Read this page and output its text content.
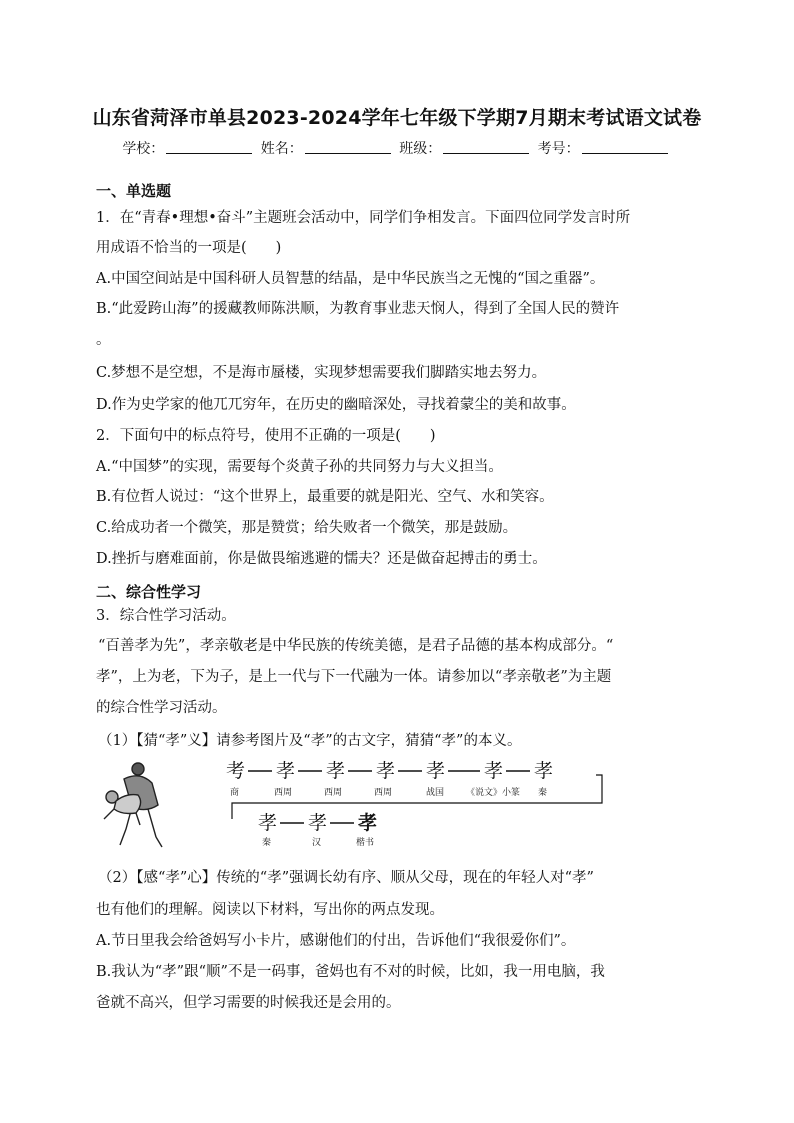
山东省菏泽市单县2023-2024学年七年级下学期7月期末考试语文试卷
学校：	姓名：	班级：	考号：
一、单选题
1．在“青春•理想•奋斗”主题班会活动中，同学们争相发言。下面四位同学发言时所
用成语不恰当的一项是(　　)
A.中国空间站是中国科研人员智慧的结晶，是中华民族当之无愧的“国之重器”。
B.“此爱跨山海”的援藏教师陈洪顺，为教育事业悲天悯人，得到了全国人民的赞许
。
C.梦想不是空想，不是海市蜃楼，实现梦想需要我们脚踏实地去努力。
D.作为史学家的他兀兀穷年，在历史的幽暗深处，寻找着蒙尘的美和故事。
2．下面句中的标点符号，使用不正确的一项是(　　)
A.“中国梦”的实现，需要每个炎黄子孙的共同努力与大义担当。
B.有位哲人说过：“这个世界上，最重要的就是阳光、空气、水和笑容。
C.给成功者一个微笑，那是赞赏；给失败者一个微笑，那是鼓励。
D.挫折与磨难面前，你是做畏缩逃避的懦夫？还是做奋起搏击的勇士。
二、综合性学习
3．综合性学习活动。
“百善孝为先”，孝亲敬老是中华民族的传统美德，是君子品德的基本构成部分。“
孝”，上为老，下为子，是上一代与下一代融为一体。请参加以“孝亲敬老”为主题
的综合性学习活动。
（1）【猜“孝”义】请参考图片及“孝”的古文字，猜猜“孝”的本义。
考 孝 孝 孝 孝 孝 孝
商	西周	西周	西周	战国 《说文》小篆 秦
孝 孝 孝
秦	汉	楷书
（2）【感“孝”心】传统的“孝”强调长幼有序、顺从父母，现在的年轻人对“孝”
也有他们的理解。阅读以下材料，写出你的两点发现。
A.节日里我会给爸妈写小卡片，感谢他们的付出，告诉他们“我很爱你们”。
B.我认为“孝”跟“顺”不是一码事，爸妈也有不对的时候，比如，我一用电脑，我
爸就不高兴，但学习需要的时候我还是会用的。
